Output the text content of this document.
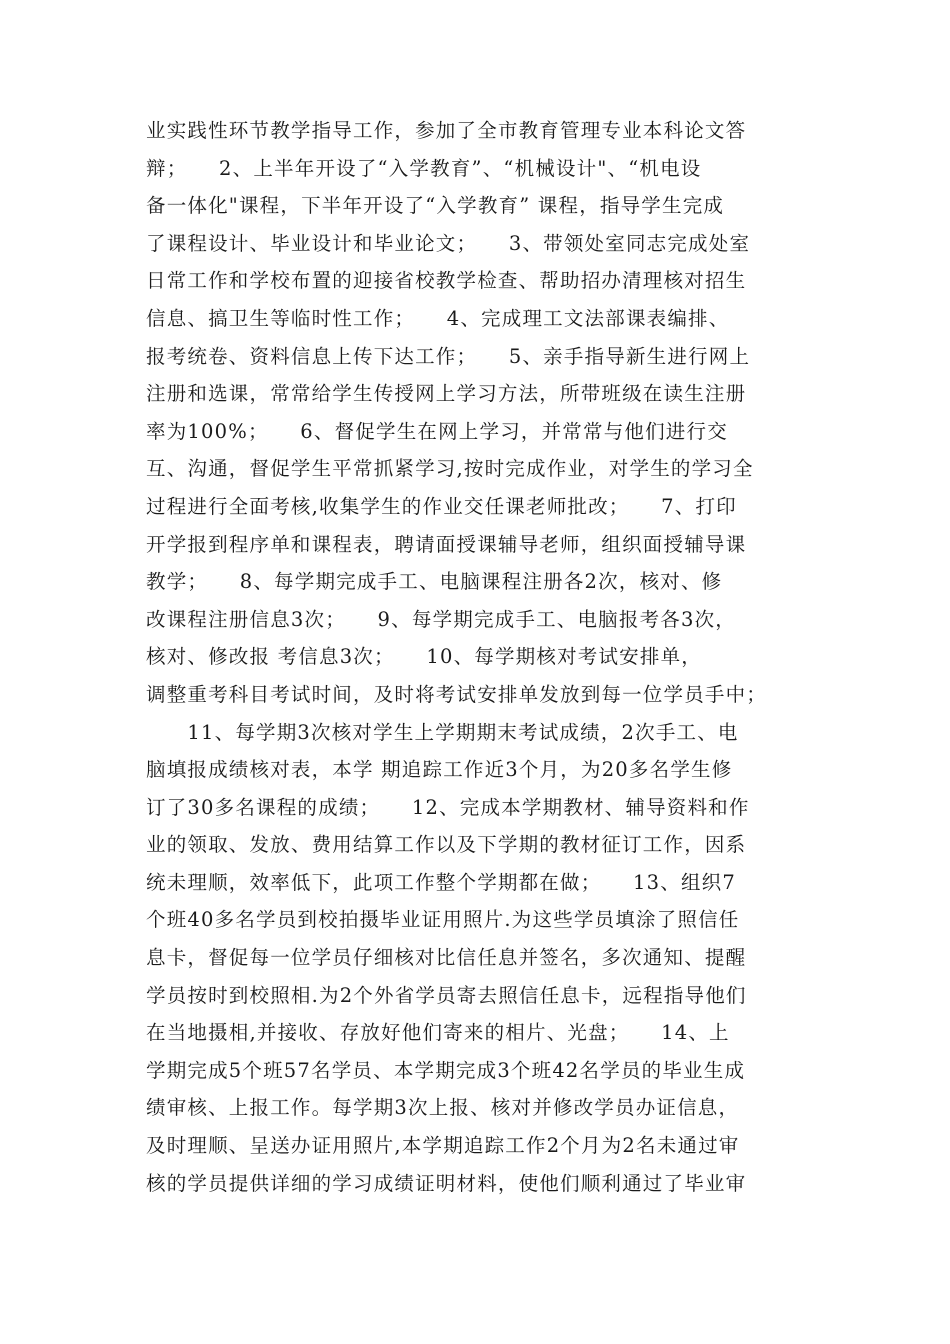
业实践性环节教学指导工作，参加了全市教育管理专业本科论文答
辩；　　2、上半年开设了“入学教育”、“机械设计"、“机电设
备一体化"课程，下半年开设了“入学教育” 课程，指导学生完成
了课程设计、毕业设计和毕业论文；　　3、带领处室同志完成处室
日常工作和学校布置的迎接省校教学检查、帮助招办清理核对招生
信息、搞卫生等临时性工作；　　4、完成理工文法部课表编排、
报考统卷、资料信息上传下达工作；　　5、亲手指导新生进行网上
注册和选课，常常给学生传授网上学习方法，所带班级在读生注册
率为100%；　　6、督促学生在网上学习，并常常与他们进行交
互、沟通，督促学生平常抓紧学习,按时完成作业，对学生的学习全
过程进行全面考核,收集学生的作业交任课老师批改；　　7、打印
开学报到程序单和课程表，聘请面授课辅导老师，组织面授辅导课
教学；　　8、每学期完成手工、电脑课程注册各2次，核对、修
改课程注册信息3次；　　9、每学期完成手工、电脑报考各3次，
核对、修改报 考信息3次；　　10、每学期核对考试安排单，
调整重考科目考试时间，及时将考试安排单发放到每一位学员手中；
　　11、每学期3次核对学生上学期期末考试成绩，2次手工、电
脑填报成绩核对表，本学 期追踪工作近3个月，为20多名学生修
订了30多名课程的成绩；　　12、完成本学期教材、辅导资料和作
业的领取、发放、费用结算工作以及下学期的教材征订工作，因系
统未理顺，效率低下，此项工作整个学期都在做；　　13、组织7
个班40多名学员到校拍摄毕业证用照片.为这些学员填涂了照信任
息卡，督促每一位学员仔细核对比信任息并签名，多次通知、提醒
学员按时到校照相.为2个外省学员寄去照信任息卡，远程指导他们
在当地摄相,并接收、存放好他们寄来的相片、光盘；　　14、上
学期完成5个班57名学员、本学期完成3个班42名学员的毕业生成
绩审核、上报工作。每学期3次上报、核对并修改学员办证信息，
及时理顺、呈送办证用照片,本学期追踪工作2个月为2名未通过审
核的学员提供详细的学习成绩证明材料，使他们顺利通过了毕业审
